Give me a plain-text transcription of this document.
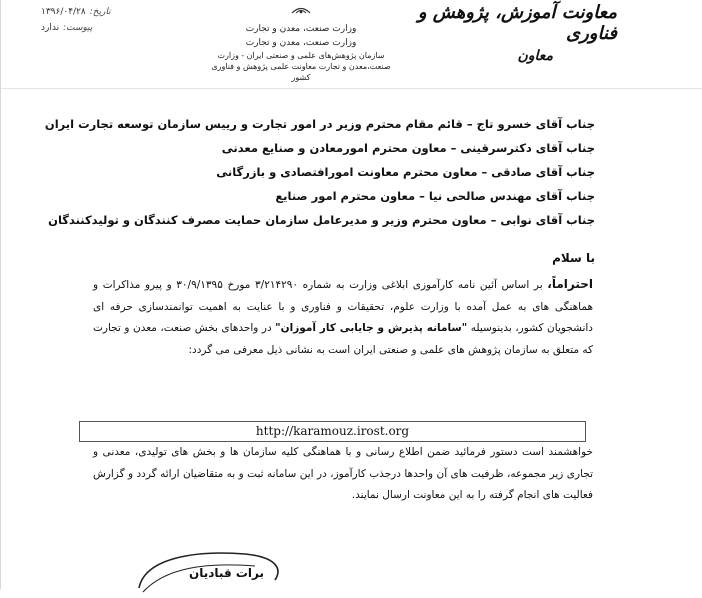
تاریخ:
۱۳۹۶/۰۴/۲۸
پیوست:
ندارد	وزارت صنعت، معدن و تجارت
وزارت صنعت، معدن و تجارت
سازمان پژوهش‌های علمی و صنعتی ایران - وزارت صنعت،معدن و تجارت معاونت علمی پژوهش و فناوری کشور
معاونت آموزش، پژوهش و فناوری
معاون
جناب آقای خسرو تاج – قائم مقام محترم وزیر در امور تجارت و رییس سازمان توسعه تجارت ایران
جناب آقای دکترسرقینی – معاون محترم امورمعادن و صنایع معدنی
جناب آقای صادقی – معاون محترم معاونت امورافتصادی و بازرگانی
جناب آقای مهندس صالحی نیا – معاون محترم امور صنایع
جناب آقای نوابی – معاون محترم وزیر و مدیرعامل سازمان حمایت مصرف کنندگان و تولیدکنندگان
با سلام
احتراماً، بر اساس آئین نامه کارآموزی ابلاغی وزارت به شماره ۳/۲۱۴۲۹۰ مورخ ۳۰/۹/۱۳۹۵ و پیرو مذاکرات و هماهنگی های به عمل آمده با وزارت علوم، تحقیقات و فناوری و با عنایت به اهمیت توانمندسازی حرفه ای دانشجویان کشور، بدینوسیله "سامانه پذیرش و جایابی کار آموزان" در واحدهای بخش صنعت، معدن و تجارت که متعلق به سازمان پژوهش های علمی و صنعتی ایران است به نشانی ذیل معرفی می گردد:
http://karamouz.irost.org
خواهشمند است دستور فرمائید ضمن اطلاع رسانی و با هماهنگی کلیه سازمان ها و بخش های تولیدی، معدنی و تجاری زیر مجموعه، ظرفیت های آن واحدها درجذب کارآموز، در این سامانه ثبت و به متقاضیان ارائه گردد و گزارش فعالیت های انجام گرفته را به این معاونت ارسال نمایند.
برات قبادیان
